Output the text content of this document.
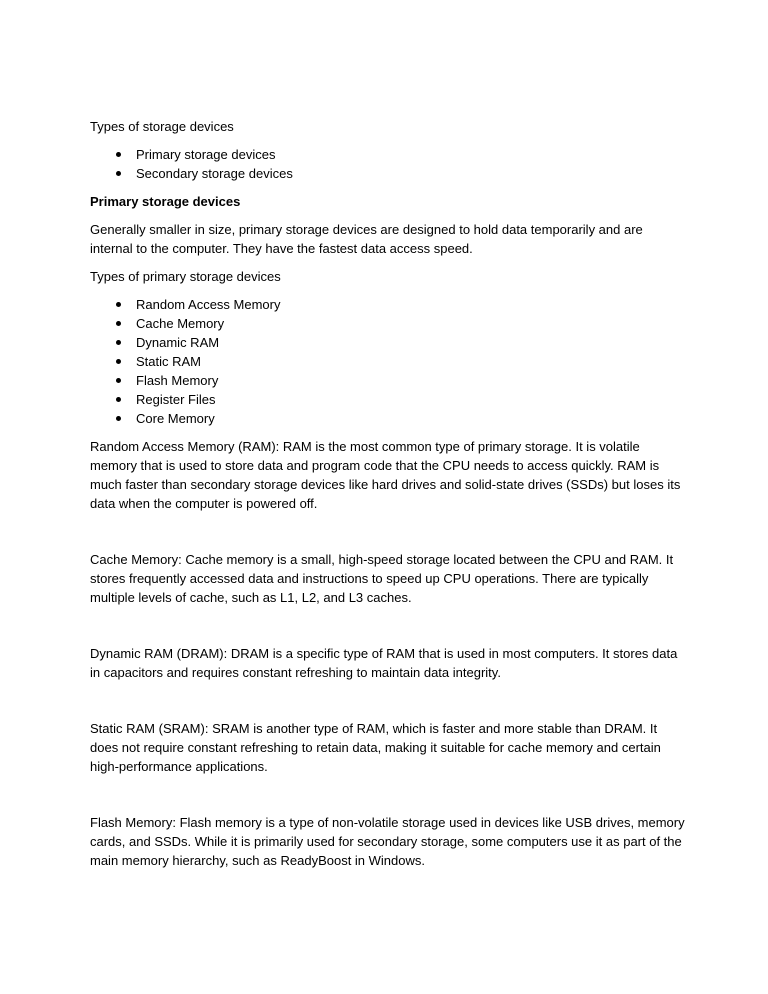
Types of storage devices

Primary storage devices
Secondary storage devices

Primary storage devices

Generally smaller in size, primary storage devices are designed to hold data temporarily and are internal to the computer. They have the fastest data access speed.

Types of primary storage devices

Random Access Memory
Cache Memory
Dynamic RAM
Static RAM
Flash Memory
Register Files
Core Memory

Random Access Memory (RAM): RAM is the most common type of primary storage. It is volatile memory that is used to store data and program code that the CPU needs to access quickly. RAM is much faster than secondary storage devices like hard drives and solid-state drives (SSDs) but loses its data when the computer is powered off.

Cache Memory: Cache memory is a small, high-speed storage located between the CPU and RAM. It stores frequently accessed data and instructions to speed up CPU operations. There are typically multiple levels of cache, such as L1, L2, and L3 caches.

Dynamic RAM (DRAM): DRAM is a specific type of RAM that is used in most computers. It stores data in capacitors and requires constant refreshing to maintain data integrity.

Static RAM (SRAM): SRAM is another type of RAM, which is faster and more stable than DRAM. It does not require constant refreshing to retain data, making it suitable for cache memory and certain high-performance applications.

Flash Memory: Flash memory is a type of non-volatile storage used in devices like USB drives, memory cards, and SSDs. While it is primarily used for secondary storage, some computers use it as part of the main memory hierarchy, such as ReadyBoost in Windows.
